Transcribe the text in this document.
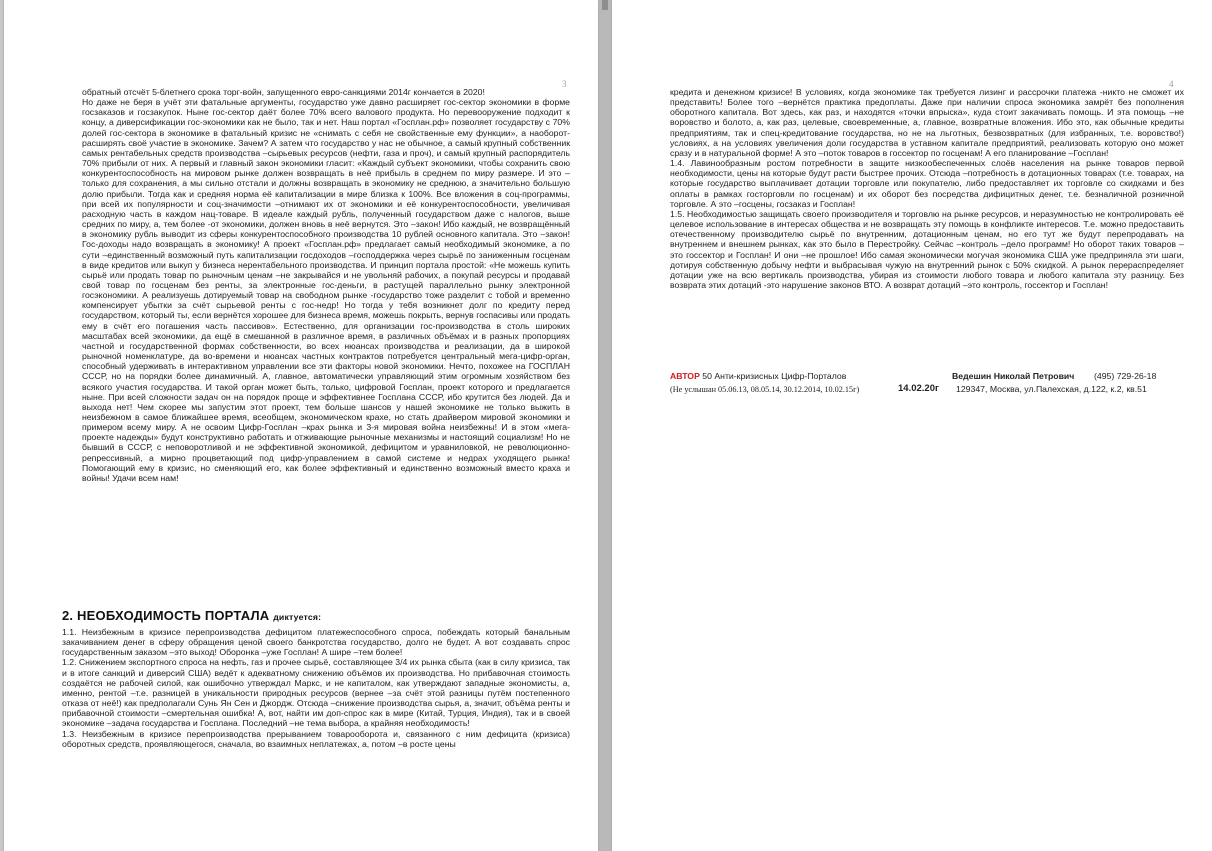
3

обратный отсчёт 5-блетнего срока торг-войн, запущенного евро-санкциями 2014г кончается в 2020!

Но даже не беря в учёт эти фатальные аргументы, государство уже давно расширяет гос-сектор экономики в форме госзаказов и госзакупок. Ныне гос-сектор даёт более 70% всего валового продукта. Но перевооружение подходит к концу, а диверсификации гос-экономики как не было, так и нет. Наш портал «Госплан.рф» позволяет государству с 70% долей гос-сектора в экономике в фатальный кризис не «снимать с себя не свойственные ему функции», а наоборот-расширять своё участие в экономике. Зачем? А затем что государство у нас не обычное, а самый крупный собственник самых рентабельных средств производства –сырьевых ресурсов (нефти, газа и проч), и самый крупный распорядитель 70% прибыли от них. А первый и главный закон экономики гласит: «Каждый субъект экономики, чтобы сохранить свою конкурентоспособность на мировом рынке должен возвращать в неё прибыль в среднем по миру размере. И это –только для сохранения, а мы сильно отстали и должны возвращать в экономику не среднюю, а значительно большую долю прибыли. Тогда как и средняя норма её капитализации в мире близка к 100%. Все вложения в соц-программы, при всей их популярности и соц-значимости –отнимают их от экономики и её конкурентоспособности, увеличивая расходную часть в каждом нац-товаре. В идеале каждый рубль, полученный государством даже с налогов, выше средних по миру, а, тем более -от экономики, должен вновь в неё вернутся. Это –закон! Ибо каждый, не возвращённый в экономику рубль выводит из сферы конкурентоспособного производства 10 рублей основного капитала. Это –закон! Гос-доходы надо возвращать в экономику! А проект «Госплан.рф» предлагает самый необходимый экономике, а по сути –единственный возможный путь капитализации госдоходов –господдержка через сырьё по заниженным госценам в виде кредитов или выкуп у бизнеса нерентабельного производства. И принцип портала простой: «Не можешь купить сырьё или продать товар по рыночным ценам –не закрывайся и не увольняй рабочих, а покупай ресурсы и продавай свой товар по госценам без ренты, за электронные гос-деньги, в растущей параллельно рынку электронной госэкономики. А реализуешь дотируемый товар на свободном рынке -государство тоже разделит с тобой и временно компенсирует убытки за счёт сырьевой ренты с гос-недр! Но тогда у тебя возникнет долг по кредиту перед государством, который ты, если вернётся хорошее для бизнеса время, можешь покрыть, вернув госпасивы или продать ему в счёт его погашения часть пассивов». Естественно, для организации гос-производства в столь широких масштабах всей экономики, да ещё в смешанной в различное время, в различных объёмах и в разных пропорциях частной и государственной формах собственности, во всех нюансах производства и реализации, да в широкой рыночной номенклатуре, да во-времени и нюансах частных контрактов потребуется центральный мега-цифр-орган, способный удерживать в интерактивном управлении все эти факторы новой экономики. Нечто, похожее на ГОСПЛАН СССР, но на порядки более динамичный. А, главное, автоматически управляющий этим огромным хозяйством без всякого участия государства. И такой орган может быть, только, цифровой Госплан, проект которого и предлагается ныне. При всей сложности задач он на порядок проще и эффективнее Госплана СССР, ибо крутится без людей. Да и выхода нет! Чем скорее мы запустим этот проект, тем больше шансов у нашей экономике не только выжить в неизбежном в самое ближайшее время, всеобщем, экономическом крахе, но стать драйвером мировой экономики и примером всему миру. А не освоим Цифр-Госплан –крах рынка и 3-я мировая война неизбежны! И в этом «мега-проекте надежды» будут конструктивно работать и отживающие рыночные механизмы и настоящий социализм! Но не бывший в СССР, с неповоротливой и не эффективной экономикой, дефицитом и уравниловкой, не революционно-репрессивный, а мирно процветающий под цифр-управлением в самой системе и недрах уходящего рынка! Помогающий ему в кризис, но сменяющий его, как более эффективный и единственно возможный вместо краха и войны! Удачи всем нам!

2. НЕОБХОДИМОСТЬ ПОРТАЛА диктуется:

1.1. Неизбежным в кризисе перепроизводства дефицитом платежеспособного спроса, побеждать который банальным закачиванием денег в сферу обращения ценой своего банкротства государство, долго не будет. А вот создавать спрос государственным заказом –это выход! Оборонка –уже Госплан! А шире –тем более!

1.2. Снижением экспортного спроса на нефть, газ и прочее сырьё, составляющее 3/4 их рынка сбыта (как в силу кризиса, так и в итоге санкций и диверсий США) ведёт к адекватному снижению объёмов их производства. Но прибавочная стоимость создаётся не рабочей силой, как ошибочно утверждал Маркс, и не капиталом, как утверждают западные экономисты, а, именно, рентой –т.е. разницей в уникальности природных ресурсов (вернее –за счёт этой разницы путём постепенного отказа от неё!) как предполагали Сунь Ян Сен и Джордж. Отсюда –снижение производства сырья, а, значит, объёма ренты и прибавочной стоимости –смертельная ошибка! А, вот, найти им доп-спрос как в мире (Китай, Турция, Индия), так и в своей экономике –задача государства и Госплана. Последний –не тема выбора, а крайняя необходимость!

1.3. Неизбежным в кризисе перепроизводства прерыванием товарооборота и, связанного с ним дефицита (кризиса) оборотных средств, проявляющегося, сначала, во взаимных неплатежах, а, потом –в росте цены

4

кредита и денежном кризисе! В условиях, когда экономике так требуется лизинг и рассрочки платежа -никто не сможет их представить! Более того –вернётся практика предоплаты. Даже при наличии спроса экономика замрёт без пополнения оборотного капитала. Вот здесь, как раз, и находятся «точки впрыска», куда стоит закачивать помощь. И эта помощь –не воровство и болото, а, как раз, целевые, своевременные, а, главное, возвратные вложения. Ибо это, как обычные кредиты предприятиям, так и спец-кредитование государства, но не на льготных, безвозвратных (для избранных, т.е. воровство!) условиях, а на условиях увеличения доли государства в уставном капитале предприятий, реализовать которую оно может сразу и в натуральной форме! А это –поток товаров в госсектор по госценам! А его планирование –Госплан!

1.4. Лавинообразным ростом потребности в защите низкообеспеченных слоёв населения на рынке товаров первой необходимости, цены на которые будут расти быстрее прочих. Отсюда –потребность в дотационных товарах (т.е. товарах, на которые государство выплачивает дотации торговле или покупателю, либо предоставляет их торговле со скидками и без оплаты в рамках госторговли по госценам) и их оборот без посредства дифицитных денег, т.е. безналичной розничной торговле. А это –госцены, госзаказ и Госплан!

1.5. Необходимостью защищать своего производителя и торговлю на рынке ресурсов, и неразумностью не контролировать её целевое использование в интересах общества и не возвращать эту помощь в конфликте интересов. Т.е. можно предоставить отечественному производителю сырьё по внутренним, дотационным ценам, но его тут же будут перепродавать на внутреннем и внешнем рынках, как это было в Перестройку. Сейчас –контроль –дело программ! Но оборот таких товаров –это госсектор и Госплан! И они –не прошлое! Ибо самая экономически могучая экономика США уже предприняла эти шаги, дотируя собственную добычу нефти и выбрасывая чужую на внутренний рынок с 50% скидкой. А рынок перераспределяет дотации уже на всю вертикаль производства, убирая из стоимости любого товара и любого капитала эту разницу. Без возврата этих дотаций -это нарушение законов ВТО. А возврат дотаций –это контроль, госсектор и Госплан!

АВТОР 50 Анти-кризисных Цифр-Порталов	Ведешин Николай Петрович (495) 729-26-18
(Не услышан 05.06.13, 08.05.14, 30.12.2014, 10.02.15г)	14.02.20г 129347, Москва, ул.Палехская, д.122, к.2, кв.51
